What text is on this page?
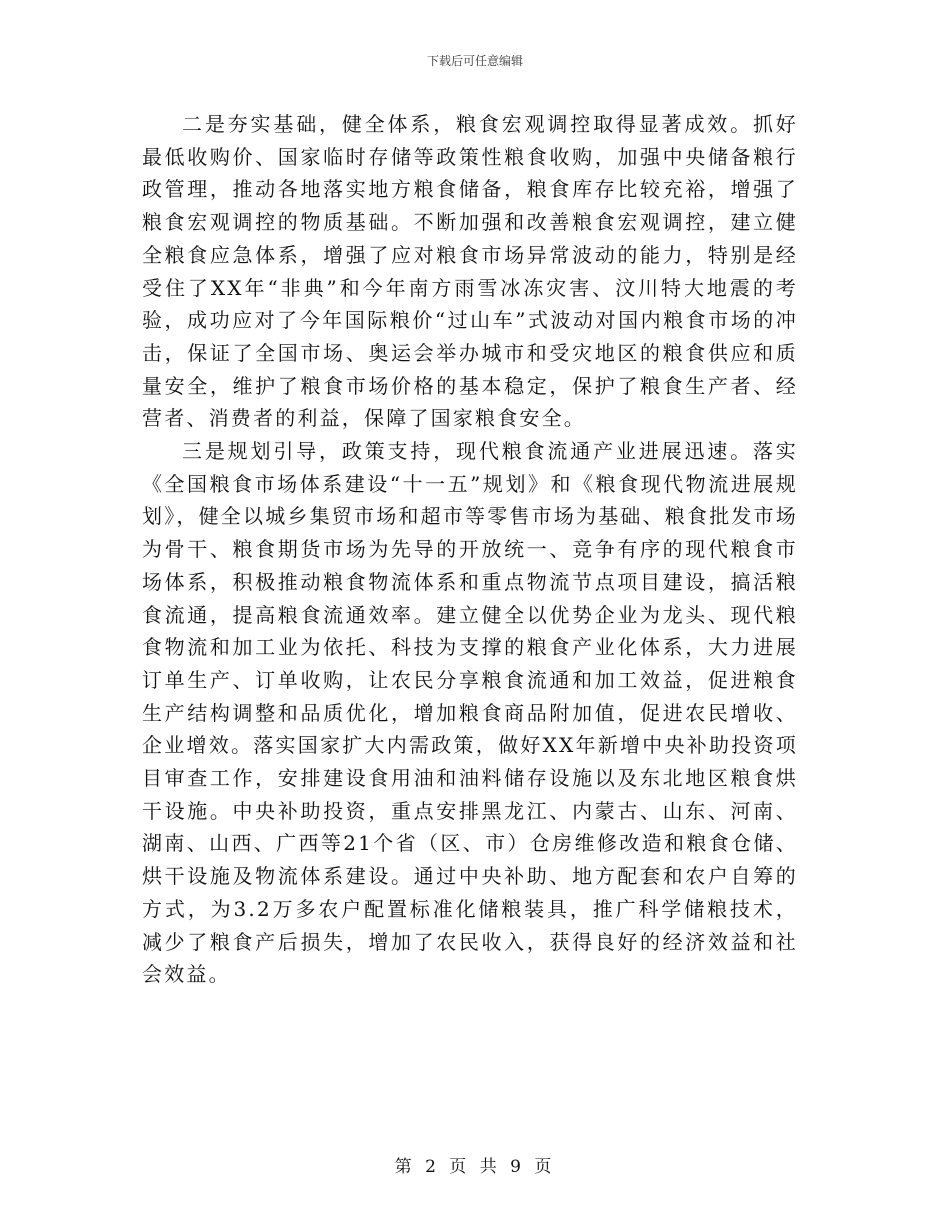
下载后可任意编辑

二是夯实基础，健全体系，粮食宏观调控取得显著成效。抓好最低收购价、国家临时存储等政策性粮食收购，加强中央储备粮行政管理，推动各地落实地方粮食储备，粮食库存比较充裕，增强了粮食宏观调控的物质基础。不断加强和改善粮食宏观调控，建立健全粮食应急体系，增强了应对粮食市场异常波动的能力，特别是经受住了XX年“非典”和今年南方雨雪冰冻灾害、汶川特大地震的考验，成功应对了今年国际粮价“过山车”式波动对国内粮食市场的冲击，保证了全国市场、奥运会举办城市和受灾地区的粮食供应和质量安全，维护了粮食市场价格的基本稳定，保护了粮食生产者、经营者、消费者的利益，保障了国家粮食安全。

三是规划引导，政策支持，现代粮食流通产业进展迅速。落实《全国粮食市场体系建设“十一五”规划》和《粮食现代物流进展规划》，健全以城乡集贸市场和超市等零售市场为基础、粮食批发市场为骨干、粮食期货市场为先导的开放统一、竞争有序的现代粮食市场体系，积极推动粮食物流体系和重点物流节点项目建设，搞活粮食流通，提高粮食流通效率。建立健全以优势企业为龙头、现代粮食物流和加工业为依托、科技为支撑的粮食产业化体系，大力进展订单生产、订单收购，让农民分享粮食流通和加工效益，促进粮食生产结构调整和品质优化，增加粮食商品附加值，促进农民增收、企业增效。落实国家扩大内需政策，做好XX年新增中央补助投资项目审查工作，安排建设食用油和油料储存设施以及东北地区粮食烘干设施。中央补助投资，重点安排黑龙江、内蒙古、山东、河南、湖南、山西、广西等21个省（区、市）仓房维修改造和粮食仓储、烘干设施及物流体系建设。通过中央补助、地方配套和农户自筹的方式，为3.2万多农户配置标准化储粮装具，推广科学储粮技术，减少了粮食产后损失，增加了农民收入，获得良好的经济效益和社会效益。

第 2 页 共 9 页
